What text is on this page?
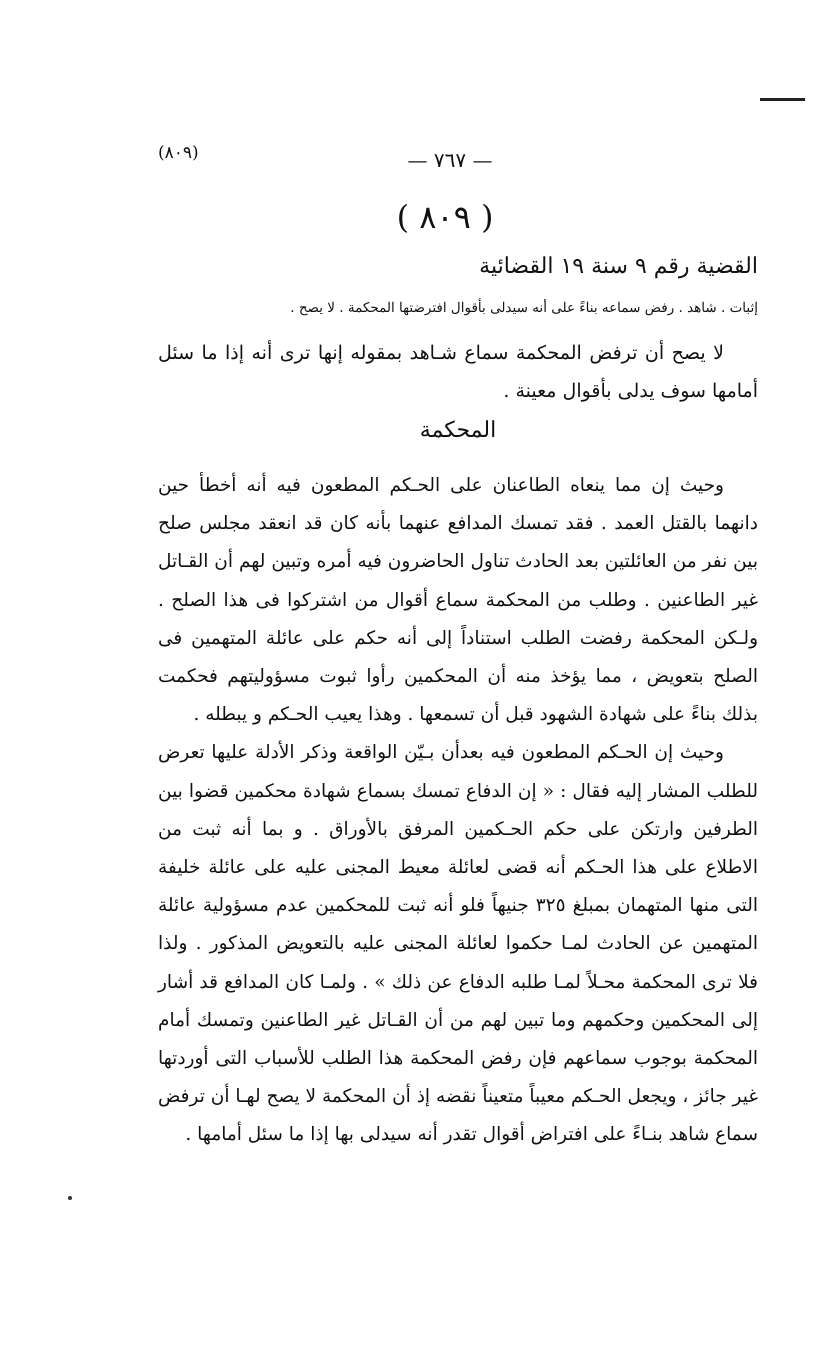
(٨٠٩)	— ٧٦٧ —
( ٨٠٩ )
القضية رقم ٩ سنة ١٩ القضائية
إثبات . شاهد . رفض سماعه بناءً على أنه سيدلى بأقوال افترضتها المحكمة . لا يصح .

لا يصح أن ترفض المحكمة سماع شـاهد بمقوله إنها ترى أنه إذا ما سئل أمامها سوف يدلى بأقوال معينة .

المحكمة

وحيث إن مما ينعاه الطاعنان على الحـكم المطعون فيه أنه أخطأ حين دانهما بالقتل العمد . فقد تمسك المدافع عنهما بأنه كان قد انعقد مجلس صلح بين نفر من العائلتين بعد الحادث تناول الحاضرون فيه أمره وتبين لهم أن القـاتل غير الطاعنين . وطلب من المحكمة سماع أقوال من اشتركوا فى هذا الصلح . ولـكن المحكمة رفضت الطلب استناداً إلى أنه حكم على عائلة المتهمين فى الصلح بتعويض ، مما يؤخذ منه أن المحكمين رأوا ثبوت مسؤوليتهم فحكمت بذلك بناءً على شهادة الشهود قبل أن تسمعها . وهذا يعيب الحـكم و يبطله .

وحيث إن الحـكم المطعون فيه بعدأن بـيّن الواقعة وذكر الأدلة عليها تعرض للطلب المشار إليه فقال : « إن الدفاع تمسك بسماع شهادة محكمين قضوا بين الطرفين وارتكن على حكم الحـكمين المرفق بالأوراق . و بما أنه ثبت من الاطلاع على هذا الحـكم أنه قضى لعائلة معيط المجنى عليه على عائلة خليفة التى منها المتهمان بمبلغ ٣٢٥ جنيهاً فلو أنه ثبت للمحكمين عدم مسؤولية عائلة المتهمين عن الحادث لمـا حكموا لعائلة المجنى عليه بالتعويض المذكور . ولذا فلا ترى المحكمة محـلاً لمـا طلبه الدفاع عن ذلك » . ولمـا كان المدافع قد أشار إلى المحكمين وحكمهم وما تبين لهم من أن القـاتل غير الطاعنين وتمسك أمام المحكمة بوجوب سماعهم فإن رفض المحكمة هذا الطلب للأسباب التى أوردتها غير جائز ، ويجعل الحـكم معيباً متعيناً نقضه إذ أن المحكمة لا يصح لهـا أن ترفض سماع شاهد بنـاءً على افتراض أقوال تقدر أنه سيدلى بها إذا ما سئل أمامها .
